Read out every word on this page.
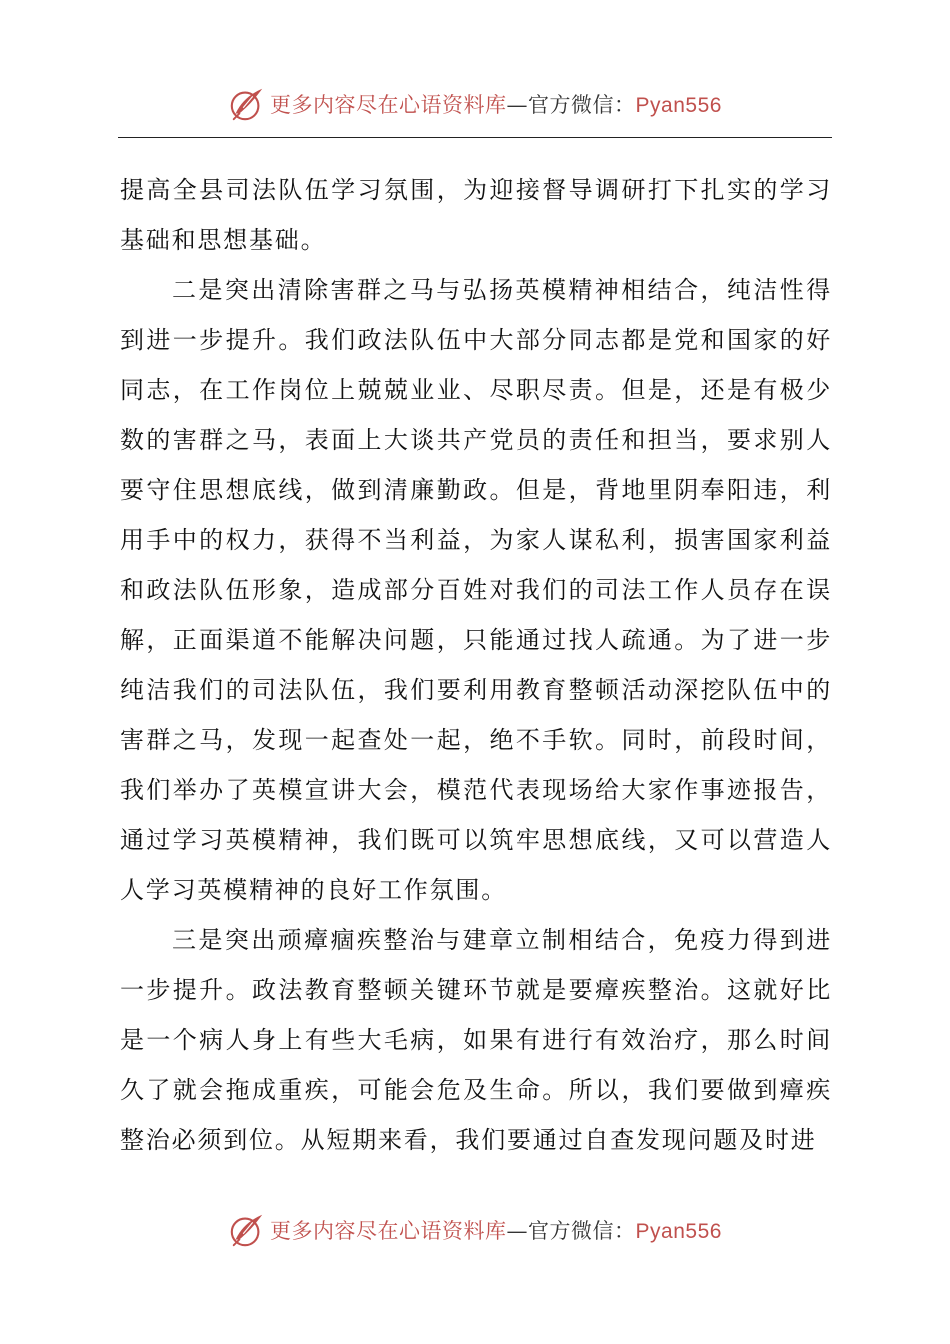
更多内容尽在心语资料库—官方微信：Pyan556

提高全县司法队伍学习氛围，为迎接督导调研打下扎实的学习基础和思想基础。

二是突出清除害群之马与弘扬英模精神相结合，纯洁性得到进一步提升。我们政法队伍中大部分同志都是党和国家的好同志，在工作岗位上兢兢业业、尽职尽责。但是，还是有极少数的害群之马，表面上大谈共产党员的责任和担当，要求别人要守住思想底线，做到清廉勤政。但是，背地里阴奉阳违，利用手中的权力，获得不当利益，为家人谋私利，损害国家利益和政法队伍形象，造成部分百姓对我们的司法工作人员存在误解，正面渠道不能解决问题，只能通过找人疏通。为了进一步纯洁我们的司法队伍，我们要利用教育整顿活动深挖队伍中的害群之马，发现一起查处一起，绝不手软。同时，前段时间，我们举办了英模宣讲大会，模范代表现场给大家作事迹报告，通过学习英模精神，我们既可以筑牢思想底线，又可以营造人人学习英模精神的良好工作氛围。

三是突出顽瘴痼疾整治与建章立制相结合，免疫力得到进一步提升。政法教育整顿关键环节就是要瘴疾整治。这就好比是一个病人身上有些大毛病，如果有进行有效治疗，那么时间久了就会拖成重疾，可能会危及生命。所以，我们要做到瘴疾整治必须到位。从短期来看，我们要通过自查发现问题及时进

更多内容尽在心语资料库—官方微信：Pyan556
